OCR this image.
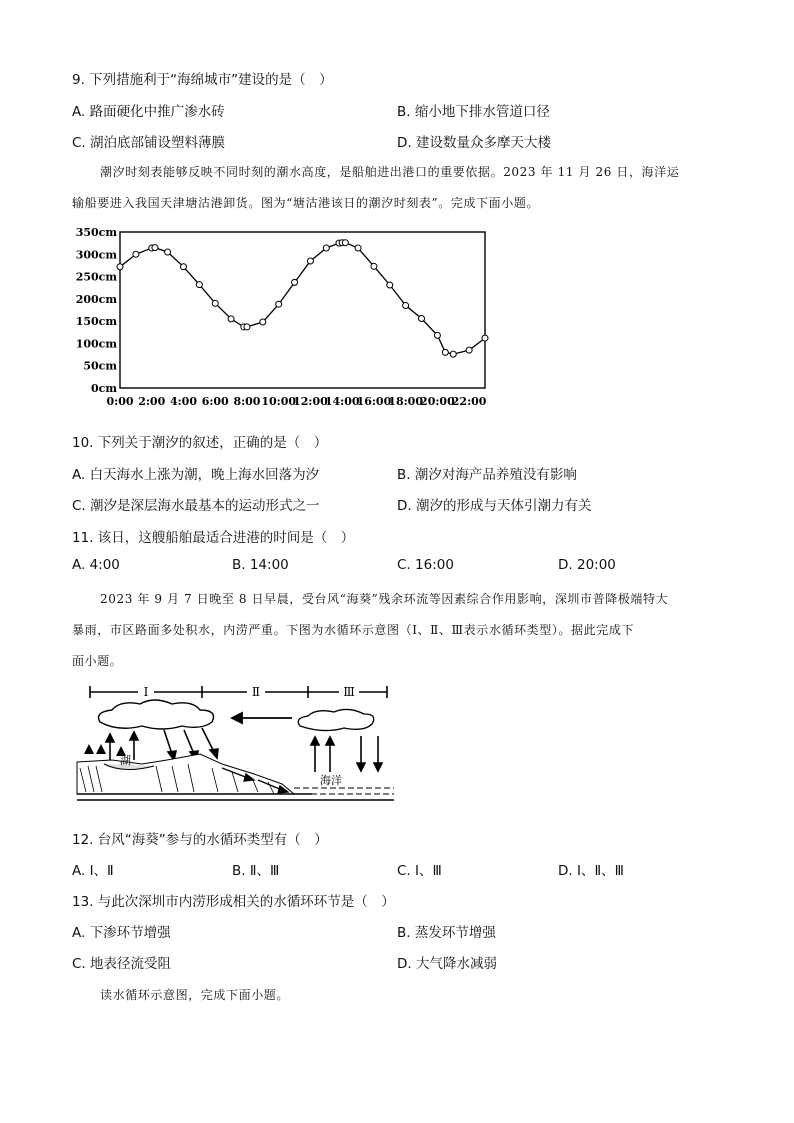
9. 下列措施利于“海绵城市”建设的是（　）
A. 路面硬化中推广渗水砖	B. 缩小地下排水管道口径
C. 湖泊底部铺设塑料薄膜	D. 建设数量众多摩天大楼
潮汐时刻表能够反映不同时刻的潮水高度，是船舶进出港口的重要依据。2023 年 11 月 26 日，海洋运
输船要进入我国天津塘沽港卸货。图为“塘沽港该日的潮汐时刻表”。完成下面小题。
0cm
50cm
100cm
150cm
200cm
250cm
300cm
350cm
0:00 2:00 4:00 6:00 8:00 10:00
12:00
14:00
16:00
18:00
20:00
22:00
10. 下列关于潮汐的叙述，正确的是（　）
A. 白天海水上涨为潮，晚上海水回落为汐	B. 潮汐对海产品养殖没有影响
C. 潮汐是深层海水最基本的运动形式之一	D. 潮汐的形成与天体引潮力有关
11. 该日，这艘船舶最适合进港的时间是（　）
A. 4:00	B. 14:00	C. 16:00	D. 20:00
2023 年 9 月 7 日晚至 8 日早晨，受台风“海葵”残余环流等因素综合作用影响，深圳市普降极端特大
暴雨，市区路面多处积水，内涝严重。下图为水循环示意图（Ⅰ、Ⅱ、Ⅲ表示水循环类型）。据此完成下
面小题。
Ⅰ	Ⅱ	Ⅲ
湖
海洋
12. 台风“海葵”参与的水循环类型有（　）
A. Ⅰ、Ⅱ	B. Ⅱ、Ⅲ	C. Ⅰ、Ⅲ	D. Ⅰ、Ⅱ、Ⅲ
13. 与此次深圳市内涝形成相关的水循环环节是（　）
A. 下渗环节增强	B. 蒸发环节增强
C. 地表径流受阻	D. 大气降水减弱
读水循环示意图，完成下面小题。
